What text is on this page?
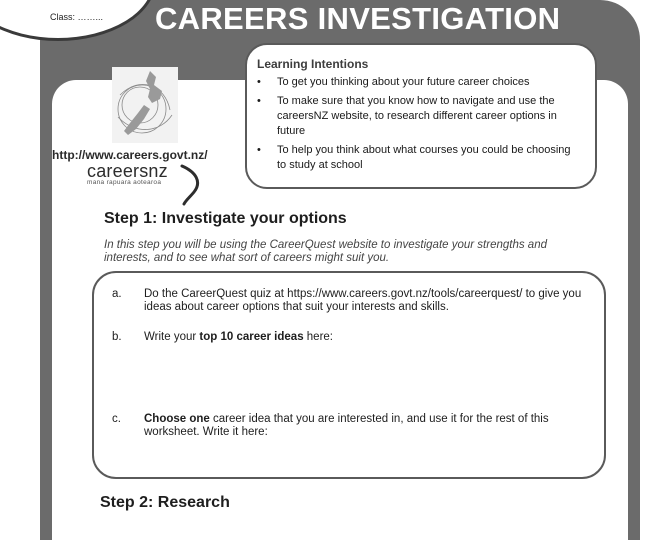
Class: ……... CAREERS INVESTIGATION
Learning Intentions
• To get you thinking about your future career choices
• To make sure that you know how to navigate and use the careersNZ website, to research different career options in future
• To help you think about what courses you could be choosing to study at school
http://www.careers.govt.nz/
careersnz
mana rapuara aotearoa
Step 1: Investigate your options
In this step you will be using the CareerQuest website to investigate your strengths and interests, and to see what sort of careers might suit you.
a. Do the CareerQuest quiz at https://www.careers.govt.nz/tools/careerquest/ to give you ideas about career options that suit your interests and skills.
b. Write your top 10 career ideas here:
c. Choose one career idea that you are interested in, and use it for the rest of this worksheet. Write it here:
Step 2: Research
